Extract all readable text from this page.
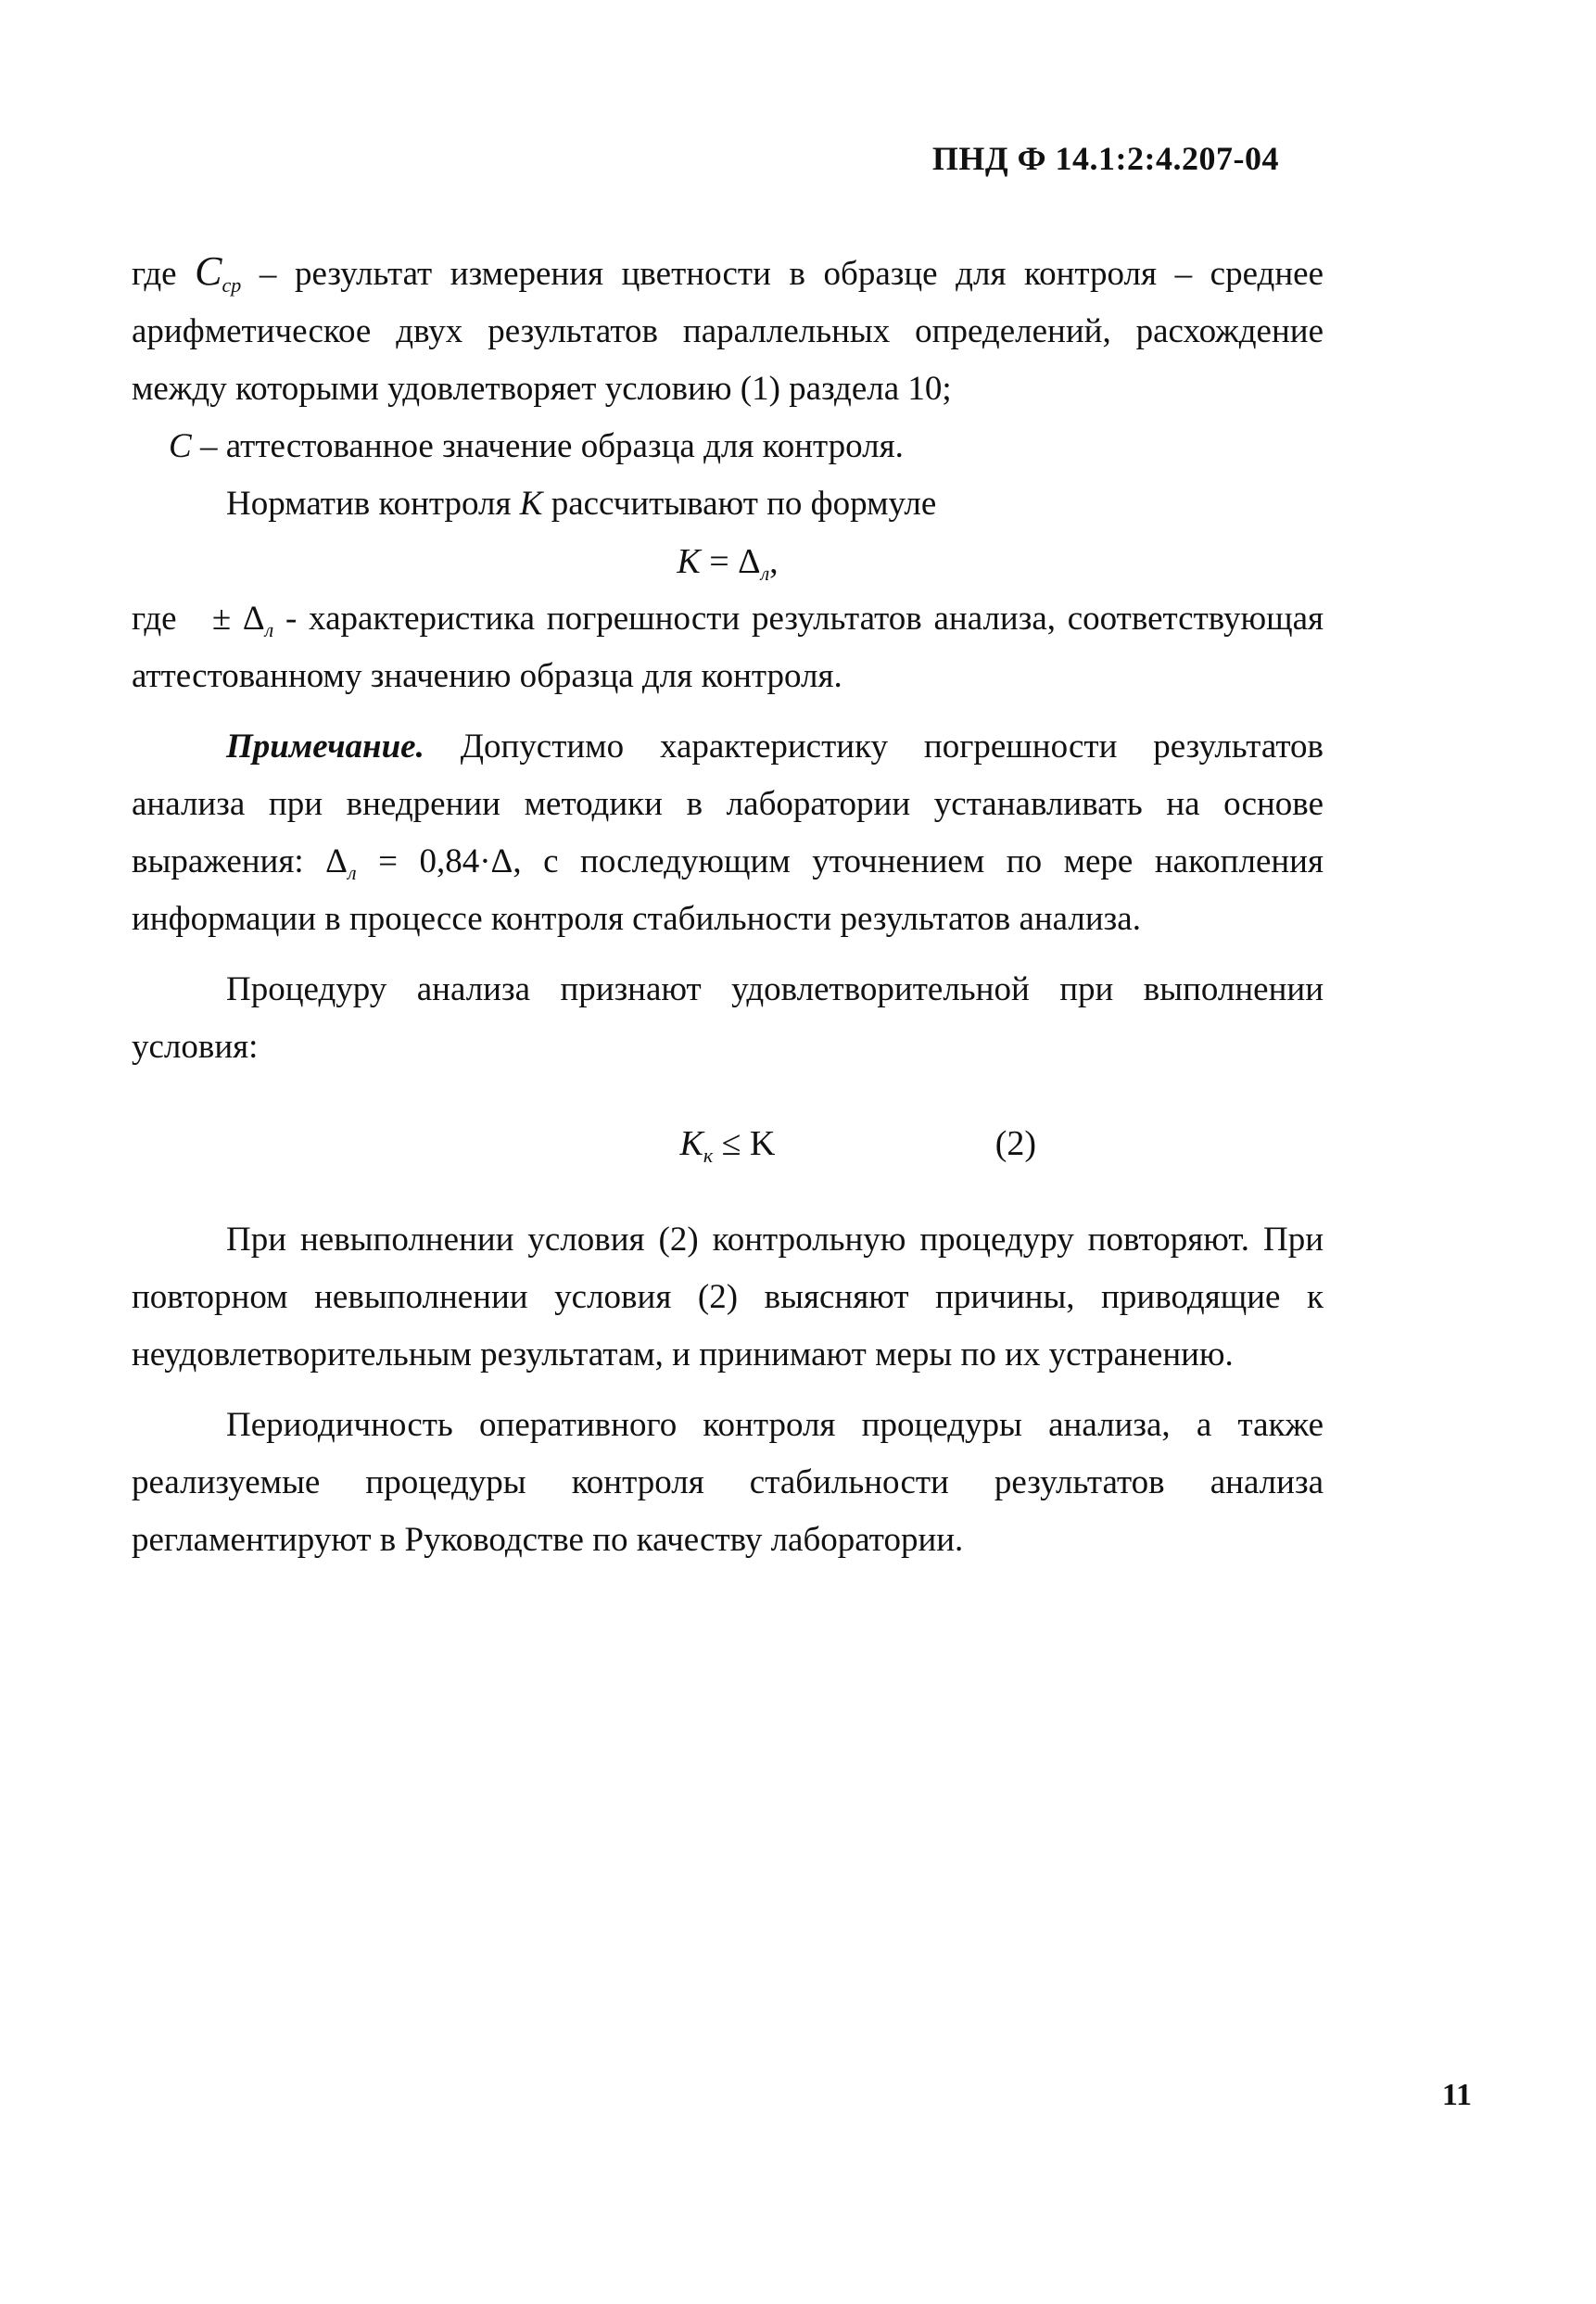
ПНД Ф 14.1:2:4.207-04

где $C_{ср}$ – результат измерения цветности в образце для контроля – среднее арифметическое двух результатов параллельных определений, расхождение между которыми удовлетворяет условию (1) раздела 10;

C – аттестованное значение образца для контроля.

Норматив контроля K рассчитывают по формуле

$K = \Delta_л$,

где ± $\Delta_л$ - характеристика погрешности результатов анализа, соответствующая аттестованному значению образца для контроля.

Примечание. Допустимо характеристику погрешности результатов анализа при внедрении методики в лаборатории устанавливать на основе выражения: $\Delta_л = 0,84\cdot\Delta$, с последующим уточнением по мере накопления информации в процессе контроля стабильности результатов анализа.

Процедуру анализа признают удовлетворительной при выполнении условия:

$K_к \le K$	(2)

При невыполнении условия (2) контрольную процедуру повторяют. При повторном невыполнении условия (2) выясняют причины, приводящие к неудовлетворительным результатам, и принимают меры по их устранению.

Периодичность оперативного контроля процедуры анализа, а также реализуемые процедуры контроля стабильности результатов анализа регламентируют в Руководстве по качеству лаборатории.

11
